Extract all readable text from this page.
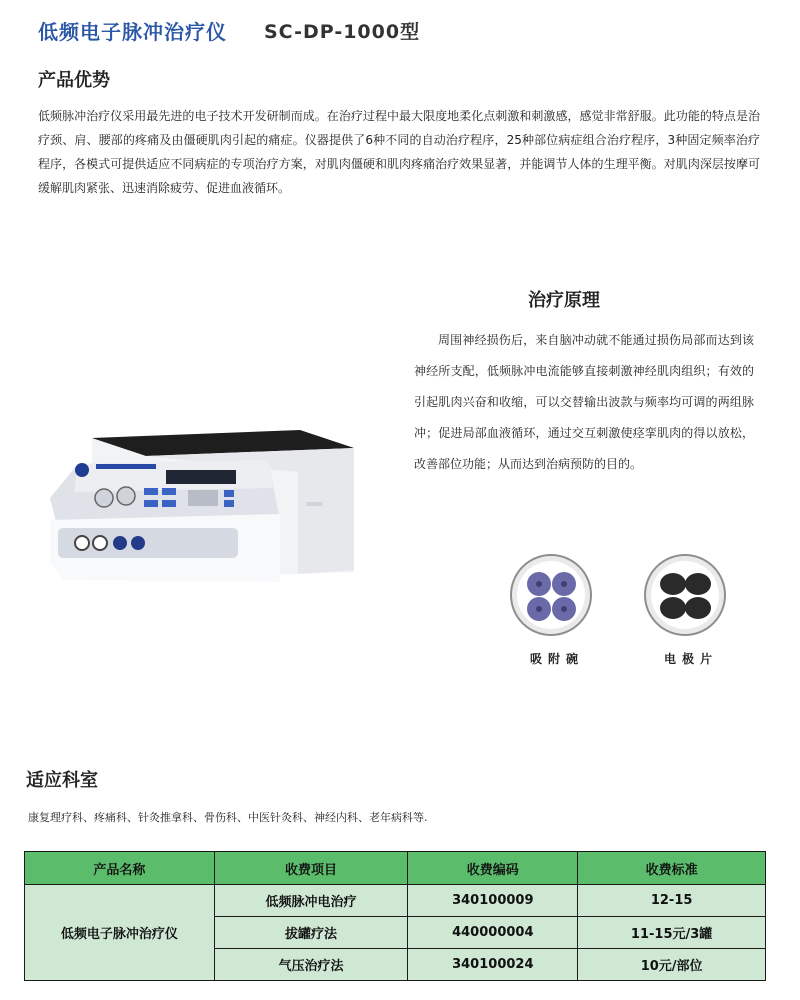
低频电子脉冲治疗仪 SC-DP-1000型
产品优势
低频脉冲治疗仪采用最先进的电子技术开发研制而成。在治疗过程中最大限度地柔化点刺激和刺激感，感觉非常舒服。此功能的特点是治疗颈、肩、腰部的疼痛及由僵硬肌肉引起的痛症。仪器提供了6种不同的自动治疗程序，25种部位病症组合治疗程序，3种固定频率治疗程序，各模式可提供适应不同病症的专项治疗方案，对肌肉僵硬和肌肉疼痛治疗效果显著，并能调节人体的生理平衡。对肌肉深层按摩可缓解肌肉紧张、迅速消除疲劳、促进血液循环。
治疗原理
周围神经损伤后，来自脑冲动就不能通过损伤局部而达到该神经所支配，低频脉冲电流能够直接刺激神经肌肉组织；有效的引起肌肉兴奋和收缩，可以交替输出波款与频率均可调的两组脉冲；促进局部血液循环，通过交互刺激使痉挛肌肉的得以放松，改善部位功能；从而达到治病预防的目的。
吸附碗	电极片
适应科室
康复理疗科、疼痛科、针灸推拿科、骨伤科、中医针灸科、神经内科、老年病科等.
产品名称	收费项目	收费编码	收费标准
低频电子脉冲治疗仪	低频脉冲电治疗	340100009	12-15
	拔罐疗法	440000004	11-15元/3罐
	气压治疗法	340100024	10元/部位
